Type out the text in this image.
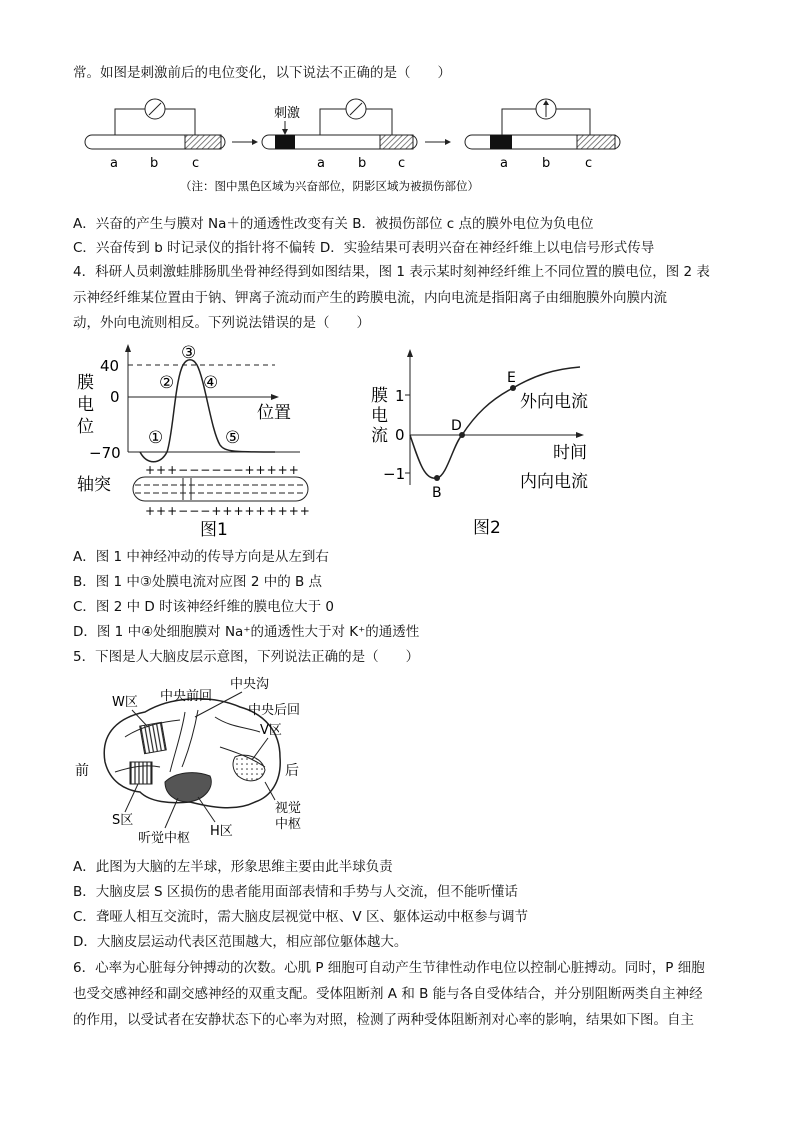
常。如图是刺激前后的电位变化，以下说法不正确的是（　　）
a b	c
刺激
a	b c	a	b	c
（注：图中黑色区域为兴奋部位，阴影区域为被损伤部位）
A．兴奋的产生与膜对 Na＋的通透性改变有关 B．被损伤部位 c 点的膜外电位为负电位
C．兴奋传到 b 时记录仪的指针将不偏转 D．实验结果可表明兴奋在神经纤维上以电信号形式传导
4．科研人员刺激蛙腓肠肌坐骨神经得到如图结果，图 1 表示某时刻神经纤维上不同位置的膜电位，图 2 表
示神经纤维某位置由于钠、钾离子流动而产生的跨膜电流，内向电流是指阳离子由细胞膜外向膜内流
动，外向电流则相反。下列说法错误的是（　　）
膜
电
位
40
0
−70
位置
①
②
③
④
⑤
轴突
+++−−−−−−+++++
+++−−−+++++++++
图1
膜
电
流
1
0
−1
时间
B
D
E
外向电流
内向电流
图2
A．图 1 中神经冲动的传导方向是从左到右
B．图 1 中③处膜电流对应图 2 中的 B 点
C．图 2 中 D 时该神经纤维的膜电位大于 0
D．图 1 中④处细胞膜对 Na⁺的通透性大于对 K⁺的通透性
5．下图是人大脑皮层示意图，下列说法正确的是（　　）
W区 中央前回
中央沟
中央后回
V区
前	后
S区
听觉中枢 H区
视觉
中枢
A．此图为大脑的左半球，形象思维主要由此半球负责
B．大脑皮层 S 区损伤的患者能用面部表情和手势与人交流，但不能听懂话
C．聋哑人相互交流时，需大脑皮层视觉中枢、V 区、躯体运动中枢参与调节
D．大脑皮层运动代表区范围越大，相应部位躯体越大。
6．心率为心脏每分钟搏动的次数。心肌 P 细胞可自动产生节律性动作电位以控制心脏搏动。同时，P 细胞
也受交感神经和副交感神经的双重支配。受体阻断剂 A 和 B 能与各自受体结合，并分别阻断两类自主神经
的作用，以受试者在安静状态下的心率为对照，检测了两种受体阻断剂对心率的影响，结果如下图。自主
